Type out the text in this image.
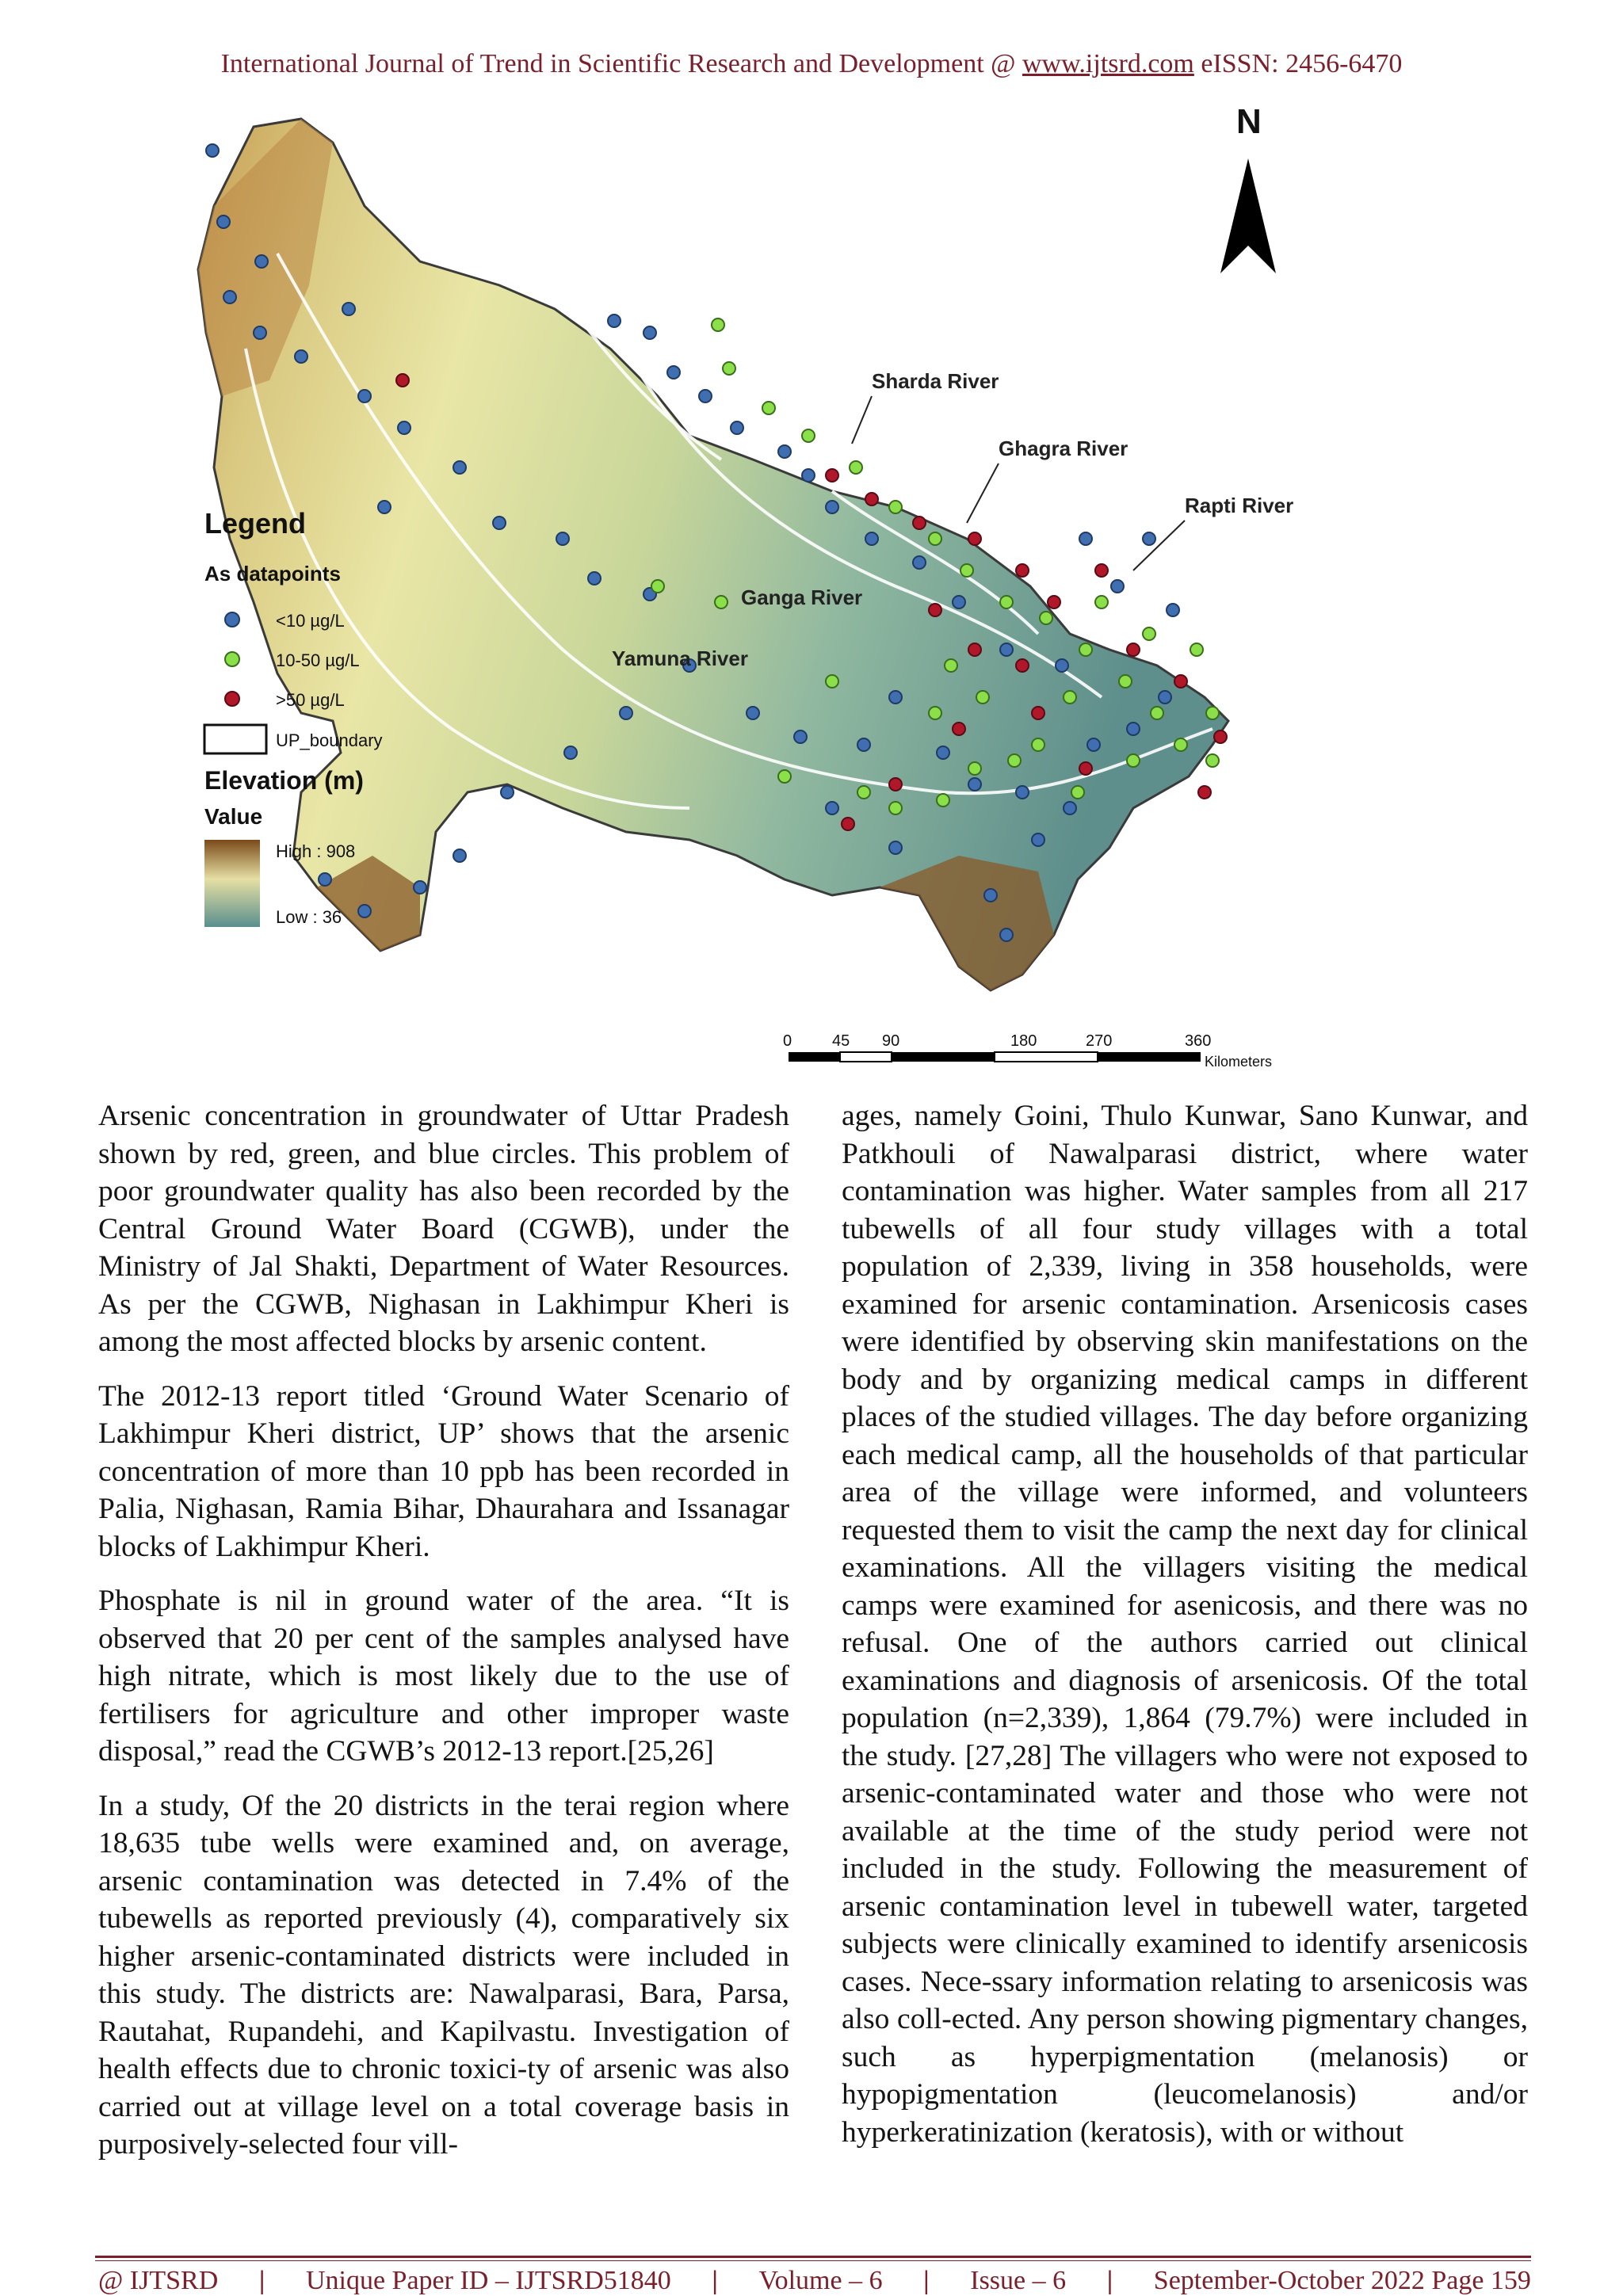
International Journal of Trend in Scientific Research and Development @ www.ijtsrd.com eISSN: 2456-6470
Sharda River
Ghagra River
Rapti River
Ganga River
Yamuna River
N
Legend
As datapoints
<10 µg/L
10-50 µg/L
>50 µg/L
UP_boundary
Elevation (m)
Value
High : 908
Low : 36
0	45 90	180	270	360
Kilometers

Arsenic concentration in groundwater of Uttar Pradesh shown by red, green, and blue circles. This problem of poor groundwater quality has also been recorded by the Central Ground Water Board (CGWB), under the Ministry of Jal Shakti, Department of Water Resources. As per the CGWB, Nighasan in Lakhimpur Kheri is among the most affected blocks by arsenic content.

The 2012-13 report titled ‘Ground Water Scenario of Lakhimpur Kheri district, UP’ shows that the arsenic concentration of more than 10 ppb has been recorded in Palia, Nighasan, Ramia Bihar, Dhaurahara and Issanagar blocks of Lakhimpur Kheri.

Phosphate is nil in ground water of the area. “It is observed that 20 per cent of the samples analysed have high nitrate, which is most likely due to the use of fertilisers for agriculture and other improper waste disposal,” read the CGWB’s 2012-13 report.[25,26]

In a study, Of the 20 districts in the terai region where 18,635 tube wells were examined and, on average, arsenic contamination was detected in 7.4% of the tubewells as reported previously (4), comparatively six higher arsenic-contaminated districts were included in this study. The districts are: Nawalparasi, Bara, Parsa, Rautahat, Rupandehi, and Kapilvastu. Investigation of health effects due to chronic toxici-ty of arsenic was also carried out at village level on a total coverage basis in purposively-selected four vill-

ages, namely Goini, Thulo Kunwar, Sano Kunwar, and Patkhouli of Nawalparasi district, where water contamination was higher. Water samples from all 217 tubewells of all four study villages with a total population of 2,339, living in 358 households, were examined for arsenic contamination. Arsenicosis cases were identified by observing skin manifestations on the body and by organizing medical camps in different places of the studied villages. The day before organizing each medical camp, all the households of that particular area of the village were informed, and volunteers requested them to visit the camp the next day for clinical examinations. All the villagers visiting the medical camps were examined for asenicosis, and there was no refusal. One of the authors carried out clinical examinations and diagnosis of arsenicosis. Of the total population (n=2,339), 1,864 (79.7%) were included in the study. [27,28] The villagers who were not exposed to arsenic-contaminated water and those who were not available at the time of the study period were not included in the study. Following the measurement of arsenic contamination level in tubewell water, targeted subjects were clinically examined to identify arsenicosis cases. Nece-ssary information relating to arsenicosis was also coll-ected. Any person showing pigmentary changes, such as hyperpigmentation (melanosis) or hypopigmentation (leucomelanosis) and/or hyperkeratinization (keratosis), with or without

@ IJTSRD | Unique Paper ID – IJTSRD51840 | Volume – 6 | Issue – 6 | September-October 2022 Page 159
